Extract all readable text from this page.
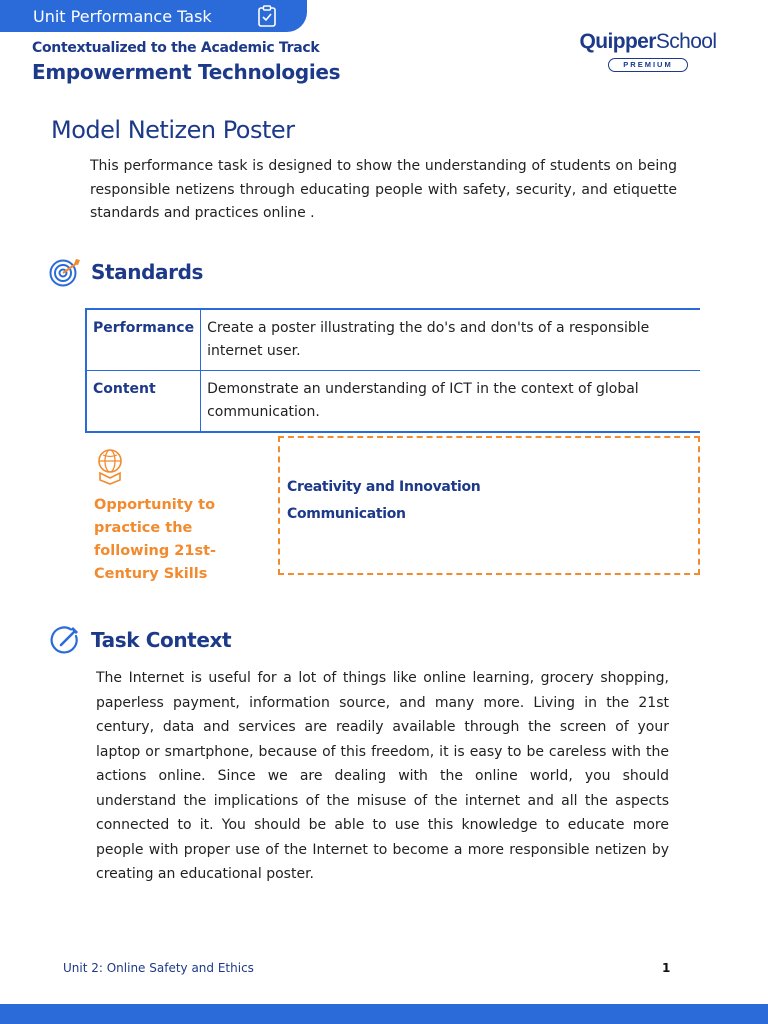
Unit Performance Task
Contextualized to the Academic Track
Empowerment Technologies
QuipperSchool
PREMIUM
Model Netizen Poster
This performance task is designed to show the understanding of students on being responsible netizens through educating people with safety, security, and etiquette standards and practices online .
Standards
Performance	Create a poster illustrating the do's and don'ts of a responsible internet user.
Content	Demonstrate an understanding of ICT in the context of global communication.
Opportunity to practice the following 21st-Century Skills
Creativity and Innovation
Communication
Task Context
The Internet is useful for a lot of things like online learning, grocery shopping, paperless payment, information source, and many more. Living in the 21st century, data and services are readily available through the screen of your laptop or smartphone, because of this freedom, it is easy to be careless with the actions online. Since we are dealing with the online world, you should understand the implications of the misuse of the internet and all the aspects connected to it. You should be able to use this knowledge to educate more people with proper use of the Internet to become a more responsible netizen by creating an educational poster.
Unit 2: Online Safety and Ethics	1
